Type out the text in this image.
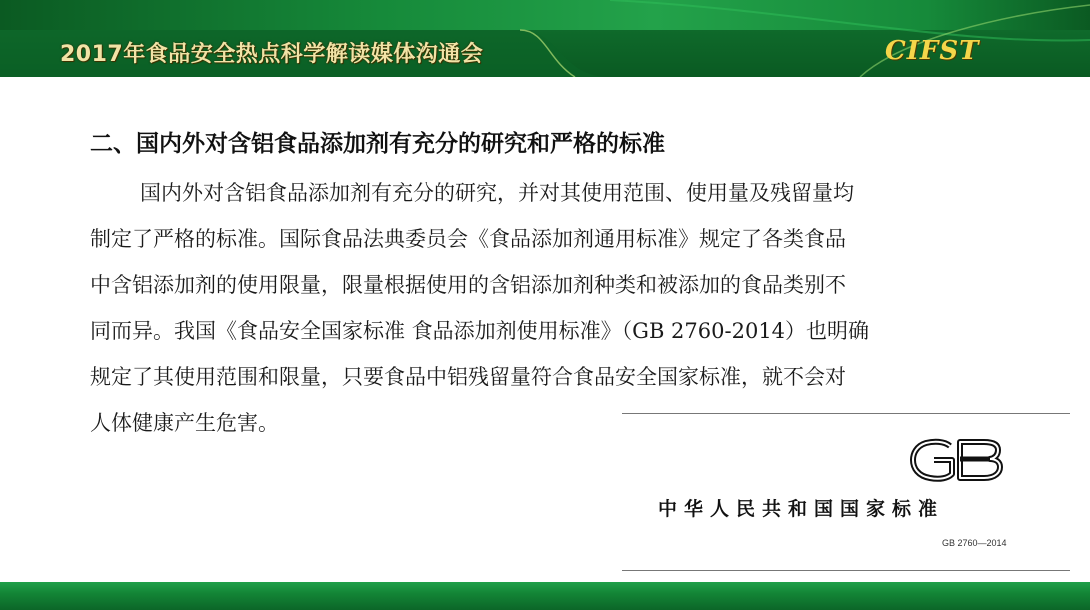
2017年食品安全热点科学解读媒体沟通会	CIFST
二、国内外对含铝食品添加剂有充分的研究和严格的标准
国内外对含铝食品添加剂有充分的研究，并对其使用范围、使用量及残留量均
制定了严格的标准。国际食品法典委员会《食品添加剂通用标准》规定了各类食品
中含铝添加剂的使用限量，限量根据使用的含铝添加剂种类和被添加的食品类别不
同而异。我国《食品安全国家标准 食品添加剂使用标准》（GB 2760-2014）也明确
规定了其使用范围和限量，只要食品中铝残留量符合食品安全国家标准，就不会对
人体健康产生危害。
中华人民共和国国家标准
GB 2760—2014
